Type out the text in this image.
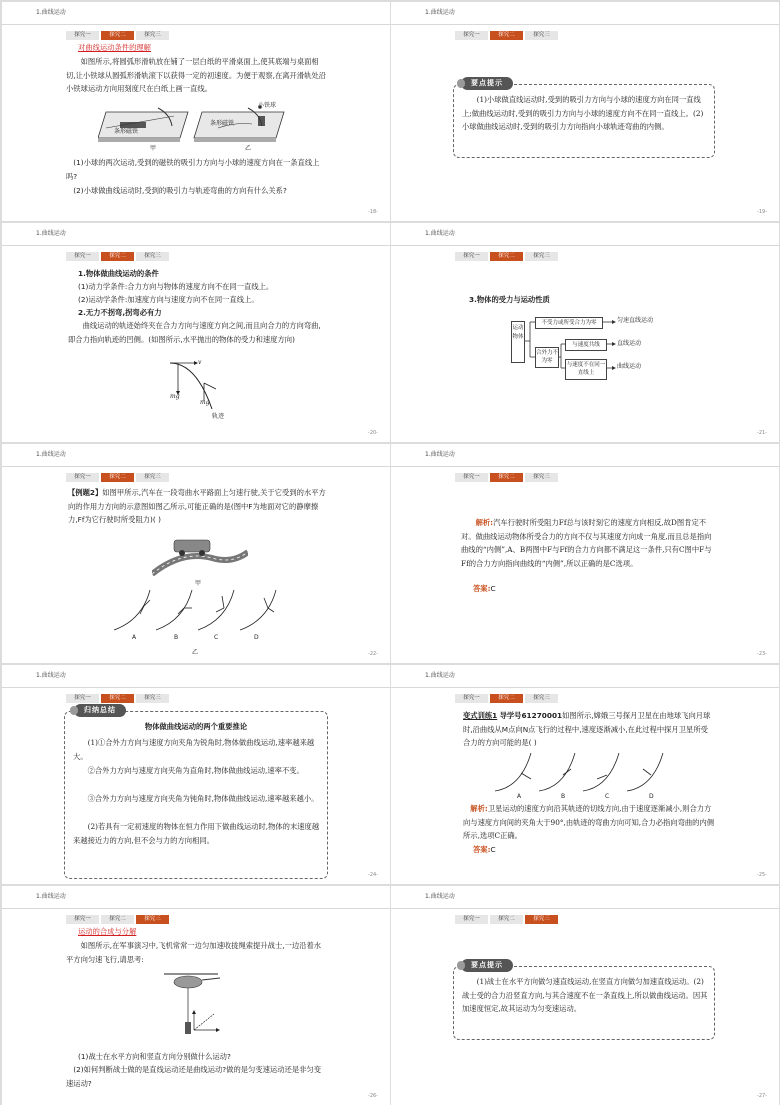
1.曲线运动
探究一	探究二	探究三
对曲线运动条件的理解
如图所示,将圆弧形滑轨放在铺了一层白纸的平滑桌面上,使其底端与桌面相切,让小铁球从圆弧形滑轨滚下以获得一定的初速度。为便于观察,在离开滑轨处沿小铁球运动方向用刻度尺在白纸上画一直线。
条形磁铁
条形磁铁
小铁球
甲	乙
(1)小球的两次运动,受到的磁铁的吸引力方向与小球的速度方向在一条直线上吗?
(2)小球做曲线运动时,受到的吸引力与轨迹弯曲的方向有什么关系?
-18-
1.曲线运动
探究一	探究二	探究三
(1)小球做直线运动时,受到的吸引力方向与小球的速度方向在同一直线上;做曲线运动时,受到的吸引力方向与小球的速度方向不在同一直线上。(2)小球做曲线运动时,受到的吸引力方向指向小球轨迹弯曲的内侧。
要点提示
-19-
1.曲线运动
探究一	探究二	探究三
1.物体做曲线运动的条件
(1)动力学条件:合力方向与物体的速度方向不在同一直线上。
(2)运动学条件:加速度方向与速度方向不在同一直线上。
2.无力不拐弯,拐弯必有力
曲线运动的轨迹始终夹在合力方向与速度方向之间,而且向合力的方向弯曲,即合力指向轨迹的凹侧。(如图所示,水平抛出的物体的受力和速度方向)
v
mg
mg
轨迹
-20-
1.曲线运动
探究一	探究二	探究三
3.物体的受力与运动性质
运动物体
不受力或所受合力为零
合外力不为零
与速度共线
与速度不在同一直线上
匀速直线运动
直线运动
曲线运动
-21-
1.曲线运动
探究一	探究二	探究三
【例题2】如图甲所示,汽车在一段弯曲水平路面上匀速行驶,关于它受到的水平方向的作用力方向的示意图如图乙所示,可能正确的是(图中F为地面对它的静摩擦力,Ff为它行驶时所受阻力)( )
甲
A	B	C	D
乙	-22-
1.曲线运动
探究一	探究二	探究三
解析:汽车行驶时所受阻力Ff总与该时刻它的速度方向相反,故D图肯定不对。做曲线运动物体所受合力的方向不仅与其速度方向成一角度,而且总是指向曲线的“内侧”,A、B两图中F与Ff的合力方向都不满足这一条件,只有C图中F与Ff的合力方向指向曲线的“内侧”,所以正确的是C选项。
答案:C
-23-
1.曲线运动
探究一	探究二	探究三
物体做曲线运动的两个重要推论
(1)①合外力方向与速度方向夹角为锐角时,物体做曲线运动,速率越来越大。
②合外力方向与速度方向夹角为直角时,物体做曲线运动,速率不变。
③合外力方向与速度方向夹角为钝角时,物体做曲线运动,速率越来越小。
(2)若具有一定初速度的物体在恒力作用下做曲线运动时,物体的末速度越来越接近力的方向,但不会与力的方向相同。
归纳总结
-24-
1.曲线运动
探究一	探究二	探究三
变式训练1 导学号61270001如图所示,嫦娥三号探月卫星在由地球飞向月球时,沿曲线从M点向N点飞行的过程中,速度逐渐减小,在此过程中探月卫星所受合力的方向可能的是( )
A	B	C	D
解析:卫星运动的速度方向沿其轨迹的切线方向,由于速度逐渐减小,则合力方向与速度方向间的夹角大于90°,由轨迹的弯曲方向可知,合力必指向弯曲的内侧所示,选项C正确。
答案:C
-25-
1.曲线运动
探究一	探究二	探究三
运动的合成与分解
如图所示,在军事演习中,飞机常常一边匀加速收拢绳索提升战士,一边沿着水平方向匀速飞行,请思考:
(1)战士在水平方向和竖直方向分别做什么运动?
(2)如何判断战士做的是直线运动还是曲线运动?做的是匀变速运动还是非匀变速运动?
-26-
1.曲线运动
探究一	探究二	探究三
(1)战士在水平方向做匀速直线运动,在竖直方向做匀加速直线运动。(2)战士受的合力沿竖直方向,与其合速度不在一条直线上,所以做曲线运动。因其加速度恒定,故其运动为匀变速运动。
要点提示
-27-
